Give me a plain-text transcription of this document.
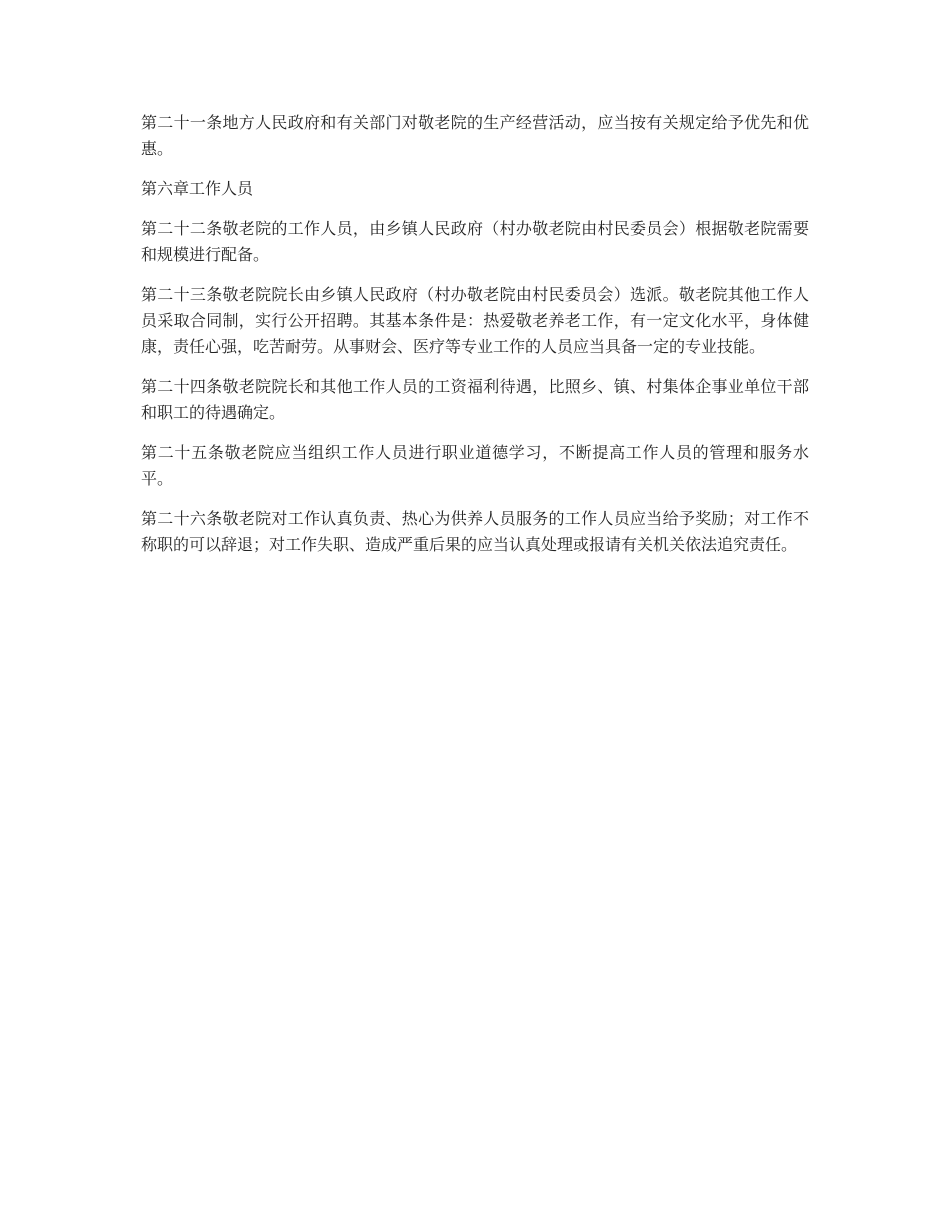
第二十一条地方人民政府和有关部门对敬老院的生产经营活动，应当按有关规定给予优先和优惠。

第六章工作人员

第二十二条敬老院的工作人员，由乡镇人民政府（村办敬老院由村民委员会）根据敬老院需要和规模进行配备。

第二十三条敬老院院长由乡镇人民政府（村办敬老院由村民委员会）选派。敬老院其他工作人员采取合同制，实行公开招聘。其基本条件是：热爱敬老养老工作，有一定文化水平，身体健康，责任心强，吃苦耐劳。从事财会、医疗等专业工作的人员应当具备一定的专业技能。

第二十四条敬老院院长和其他工作人员的工资福利待遇，比照乡、镇、村集体企事业单位干部和职工的待遇确定。

第二十五条敬老院应当组织工作人员进行职业道德学习，不断提高工作人员的管理和服务水平。

第二十六条敬老院对工作认真负责、热心为供养人员服务的工作人员应当给予奖励；对工作不称职的可以辞退；对工作失职、造成严重后果的应当认真处理或报请有关机关依法追究责任。
